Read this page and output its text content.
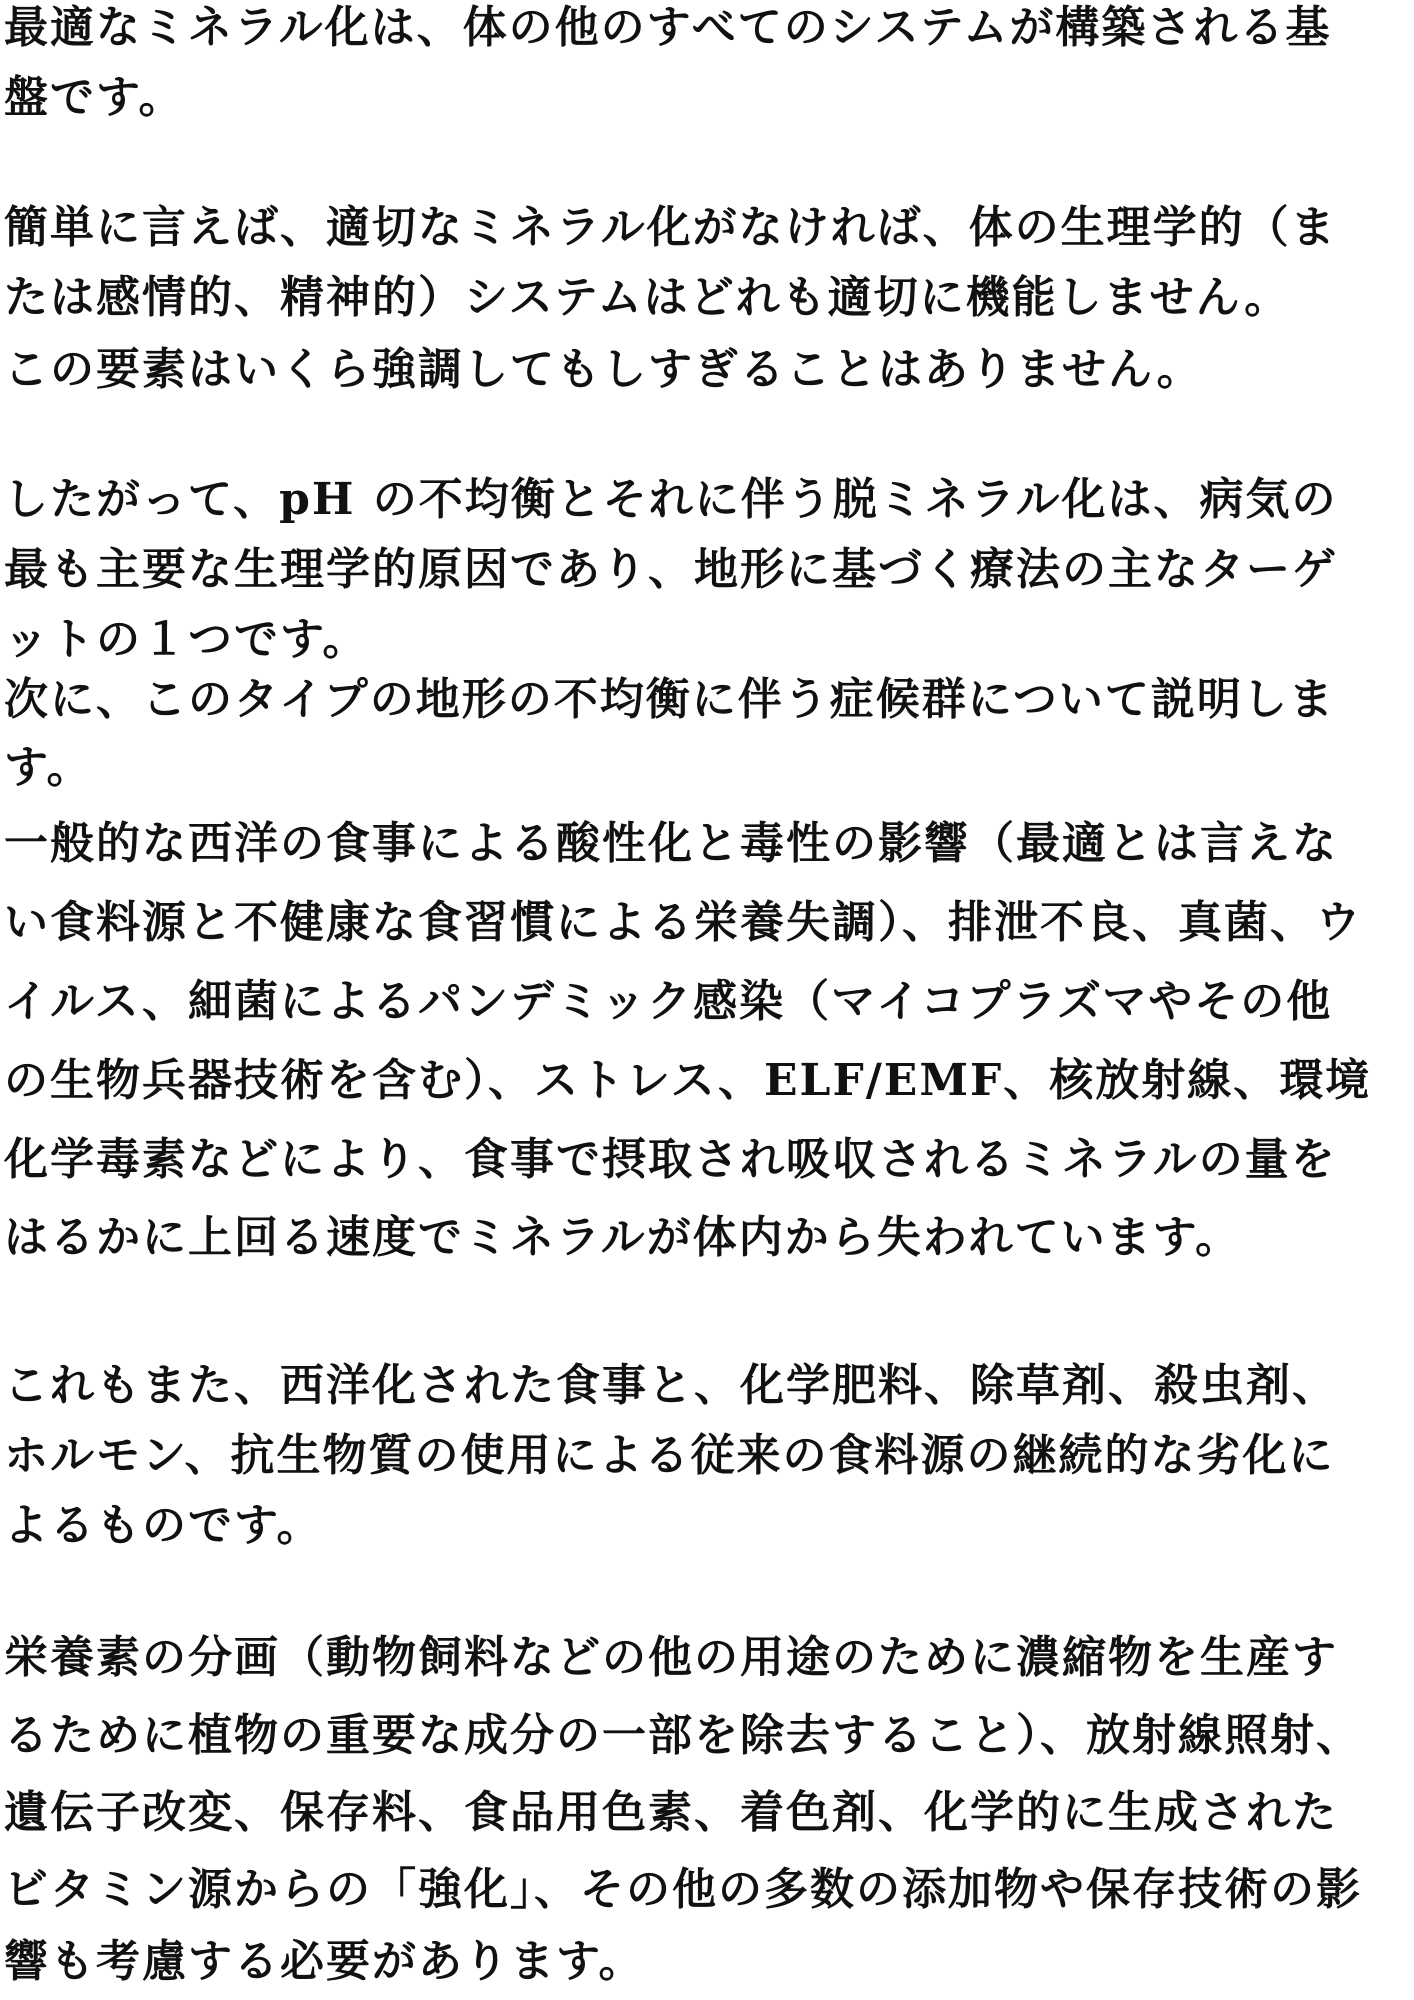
最適なミネラル化は、体の他のすべてのシステムが構築される基
盤です。
簡単に言えば、適切なミネラル化がなければ、体の生理学的（ま
たは感情的、精神的）システムはどれも適切に機能しません。
この要素はいくら強調してもしすぎることはありません。
したがって、pH の不均衡とそれに伴う脱ミネラル化は、病気の
最も主要な生理学的原因であり、地形に基づく療法の主なターゲ
ットの１つです。
次に、このタイプの地形の不均衡に伴う症候群について説明しま
す。
一般的な西洋の食事による酸性化と毒性の影響（最適とは言えな
い食料源と不健康な食習慣による栄養失調）、排泄不良、真菌、ウ
イルス、細菌によるパンデミック感染（マイコプラズマやその他
の生物兵器技術を含む）、ストレス、ELF/EMF、核放射線、環境
化学毒素などにより、食事で摂取され吸収されるミネラルの量を
はるかに上回る速度でミネラルが体内から失われています。
これもまた、西洋化された食事と、化学肥料、除草剤、殺虫剤、
ホルモン、抗生物質の使用による従来の食料源の継続的な劣化に
よるものです。
栄養素の分画（動物飼料などの他の用途のために濃縮物を生産す
るために植物の重要な成分の一部を除去すること）、放射線照射、
遺伝子改変、保存料、食品用色素、着色剤、化学的に生成された
ビタミン源からの「強化」、その他の多数の添加物や保存技術の影
響も考慮する必要があります。
